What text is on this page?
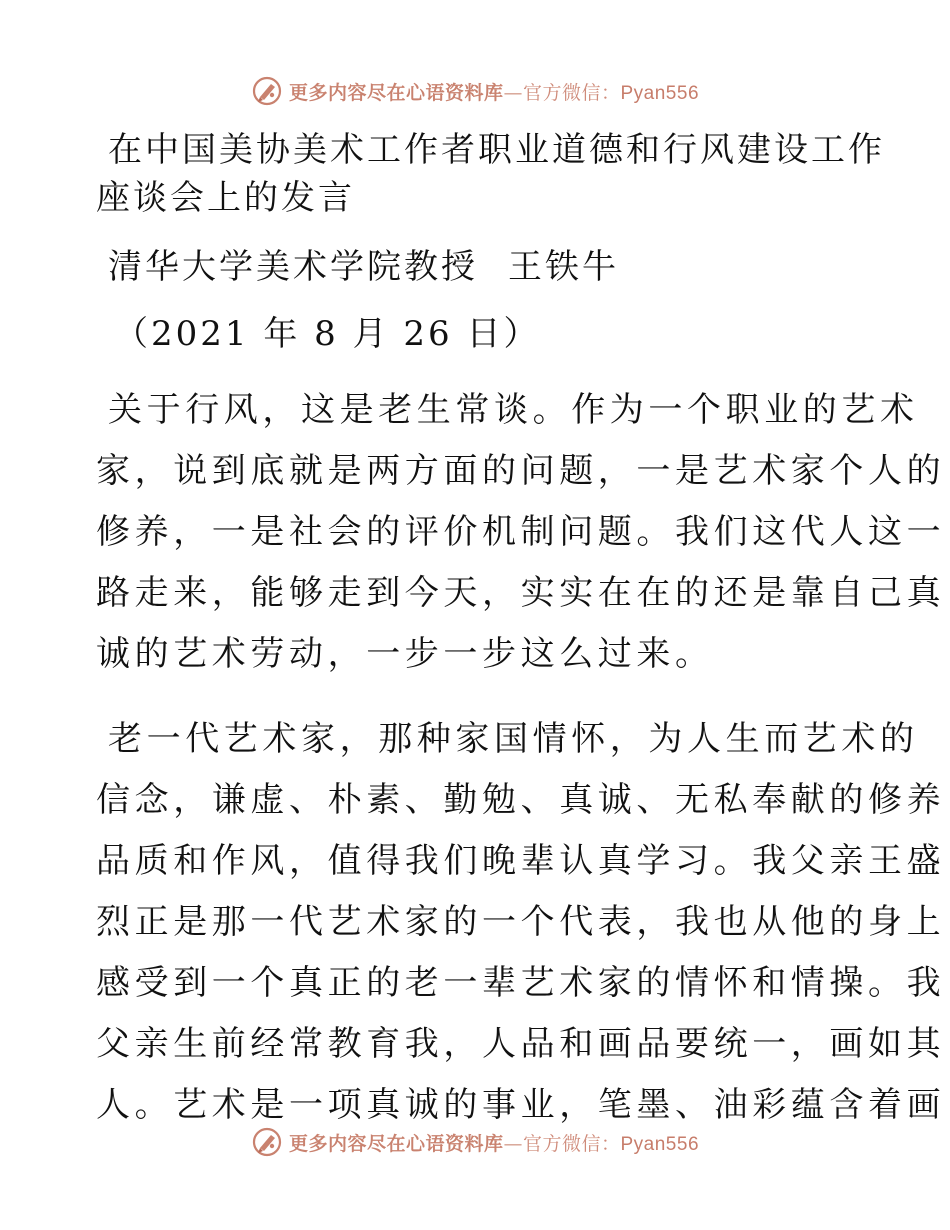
更多内容尽在心语资料库—官方微信：Pyan556
在中国美协美术工作者职业道德和行风建设工作
座谈会上的发言
清华大学美术学院教授 王铁牛
（2021 年 8 月 26 日）
关于行风，这是老生常谈。作为一个职业的艺术
家，说到底就是两方面的问题，一是艺术家个人的
修养，一是社会的评价机制问题。我们这代人这一
路走来，能够走到今天，实实在在的还是靠自己真
诚的艺术劳动，一步一步这么过来。
老一代艺术家，那种家国情怀，为人生而艺术的
信念，谦虚、朴素、勤勉、真诚、无私奉献的修养
品质和作风，值得我们晚辈认真学习。我父亲王盛
烈正是那一代艺术家的一个代表，我也从他的身上
感受到一个真正的老一辈艺术家的情怀和情操。我
父亲生前经常教育我，人品和画品要统一，画如其
人。艺术是一项真诚的事业，笔墨、油彩蕴含着画
更多内容尽在心语资料库—官方微信：Pyan556
